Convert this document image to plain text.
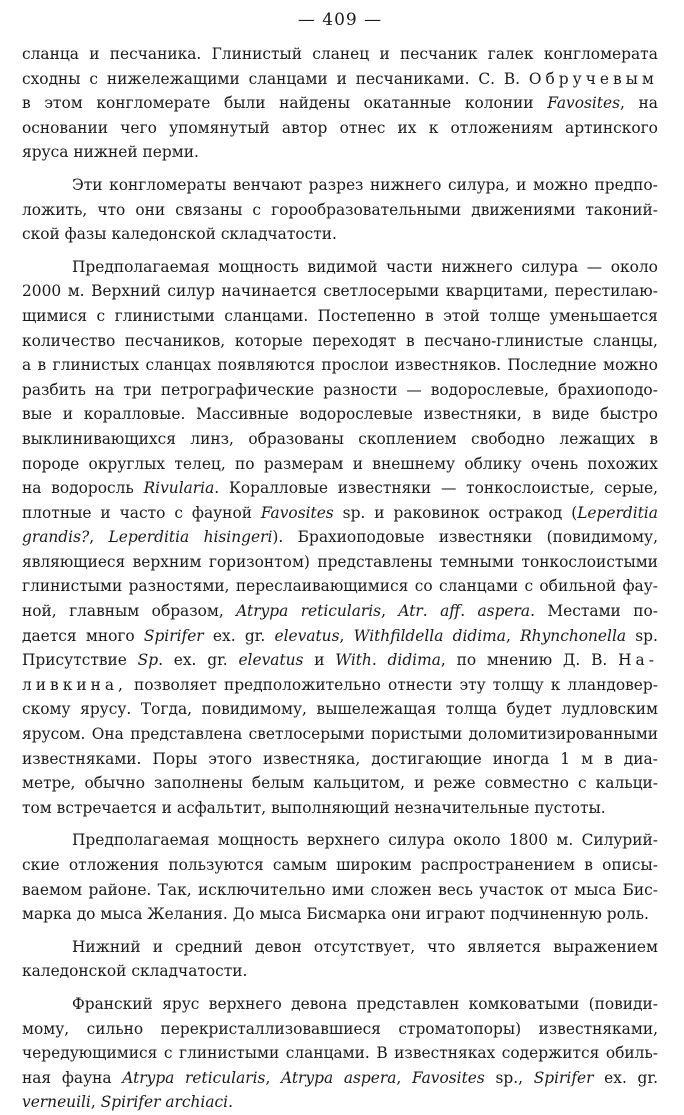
— 409 —
сланца и песчаника. Глинистый сланец и песчаник галек конгломерата
сходны с нижележащими сланцами и песчаниками. С. В. Обручевым
в этом конгломерате были найдены окатанные колонии Favosites, на
основании чего упомянутый автор отнес их к отложениям артинского
яруса нижней перми.
Эти конгломераты венчают разрез нижнего силура, и можно предпо-
ложить, что они связаны с горообразовательными движениями таконий-
ской фазы каледонской складчатости.
Предполагаемая мощность видимой части нижнего силура — около
2000 м. Верхний силур начинается светлосерыми кварцитами, перестилаю-
щимися с глинистыми сланцами. Постепенно в этой толще уменьшается
количество песчаников, которые переходят в песчано-глинистые сланцы,
а в глинистых сланцах появляются прослои известняков. Последние можно
разбить на три петрографические разности — водорослевые, брахиоподо-
вые и коралловые. Массивные водорослевые известняки, в виде быстро
выклинивающихся линз, образованы скоплением свободно лежащих в
породе округлых телец, по размерам и внешнему облику очень похожих
на водоросль Rivularia. Коралловые известняки — тонкослоистые, серые,
плотные и часто с фауной Favosites sp. и раковинок остракод (Leperditia
grandis?, Leperditia hisingeri). Брахиоподовые известняки (повидимому,
являющиеся верхним горизонтом) представлены темными тонкослоистыми
глинистыми разностями, переслаивающимися со сланцами с обильной фау-
ной, главным образом, Atrypa reticularis, Atr. aff. aspera. Местами по-
дается много Spirifer ex. gr. elevatus, Withfildella didima, Rhynchonella sp.
Присутствие Sp. ex. gr. elevatus и With. didima, по мнению Д. В. На-
ливкина, позволяет предположительно отнести эту толщу к лландовер-
скому ярусу. Тогда, повидимому, вышележащая толща будет лудловским
ярусом. Она представлена светлосерыми пористыми доломитизированными
известняками. Поры этого известняка, достигающие иногда 1 м в диа-
метре, обычно заполнены белым кальцитом, и реже совместно с кальци-
том встречается и асфальтит, выполняющий незначительные пустоты.
Предполагаемая мощность верхнего силура около 1800 м. Силурий-
ские отложения пользуются самым широким распространением в описы-
ваемом районе. Так, исключительно ими сложен весь участок от мыса Бис-
марка до мыса Желания. До мыса Бисмарка они играют подчиненную роль.
Нижний и средний девон отсутствует, что является выражением
каледонской складчатости.
Франский ярус верхнего девона представлен комковатыми (повиди-
мому, сильно перекристаллизовавшиеся строматопоры) известняками,
чередующимися с глинистыми сланцами. В известняках содержится обиль-
ная фауна Atrypa reticularis, Atrypa aspera, Favosites sp., Spirifer ex. gr.
verneuili, Spirifer archiaci.
